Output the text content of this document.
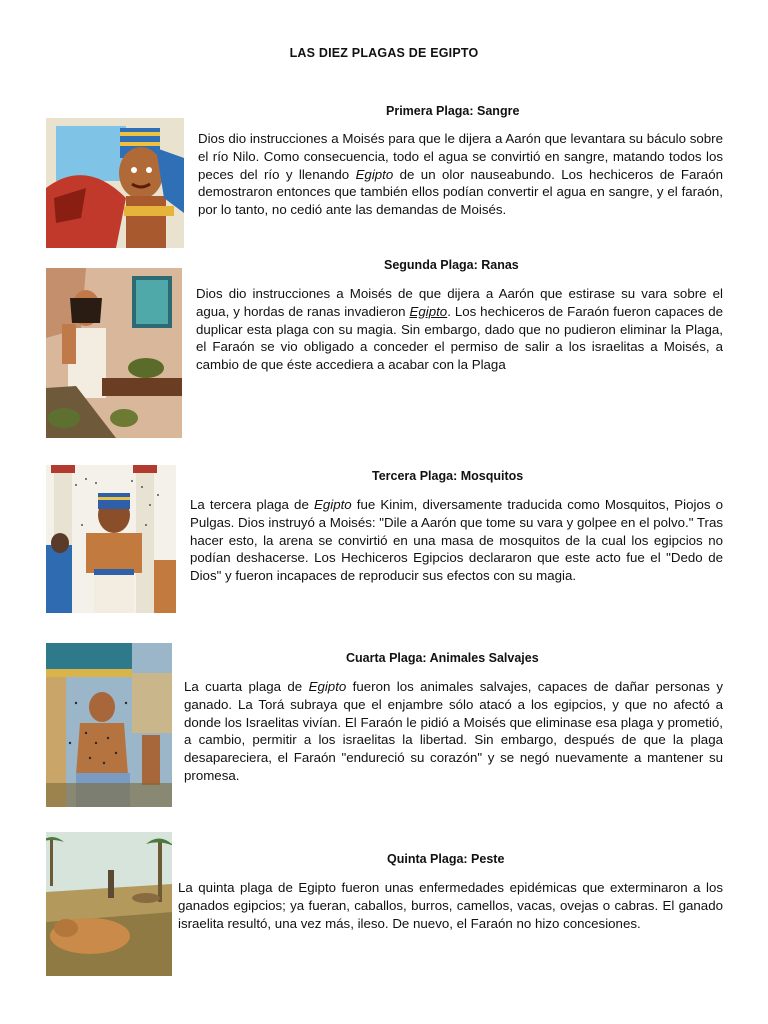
LAS DIEZ PLAGAS DE EGIPTO
Primera Plaga: Sangre
Dios dio instrucciones a Moisés para que le dijera a Aarón que levantara su báculo sobre el río Nilo. Como consecuencia, todo el agua se convirtió en sangre, matando todos los peces del río y llenando Egipto de un olor nauseabundo. Los hechiceros de Faraón demostraron entonces que también ellos podían convertir el agua en sangre, y el faraón, por lo tanto, no cedió ante las demandas de Moisés.
Segunda Plaga: Ranas
Dios dio instrucciones a Moisés de que dijera a Aarón que estirase su vara sobre el agua, y hordas de ranas invadieron Egipto. Los hechiceros de Faraón fueron capaces de duplicar esta plaga con su magia. Sin embargo, dado que no pudieron eliminar la Plaga, el Faraón se vio obligado a conceder el permiso de salir a los israelitas a Moisés, a cambio de que éste accediera a acabar con la Plaga
Tercera Plaga: Mosquitos
La tercera plaga de Egipto fue Kinim, diversamente traducida como Mosquitos, Piojos o Pulgas. Dios instruyó a Moisés: "Dile a Aarón que tome su vara y golpee en el polvo." Tras hacer esto, la arena se convirtió en una masa de mosquitos de la cual los egipcios no podían deshacerse. Los Hechiceros Egipcios declararon que este acto fue el "Dedo de Dios" y fueron incapaces de reproducir sus efectos con su magia.
Cuarta Plaga: Animales Salvajes
La cuarta plaga de Egipto fueron los animales salvajes, capaces de dañar personas y ganado. La Torá subraya que el enjambre sólo atacó a los egipcios, y que no afectó a donde los Israelitas vivían. El Faraón le pidió a Moisés que eliminase esa plaga y prometió, a cambio, permitir a los israelitas la libertad. Sin embargo, después de que la plaga desapareciera, el Faraón "endureció su corazón" y se negó nuevamente a mantener su promesa.
Quinta Plaga: Peste
La quinta plaga de Egipto fueron unas enfermedades epidémicas que exterminaron a los ganados egipcios; ya fueran, caballos, burros, camellos, vacas, ovejas o cabras. El ganado israelita resultó, una vez más, ileso. De nuevo, el Faraón no hizo concesiones.
